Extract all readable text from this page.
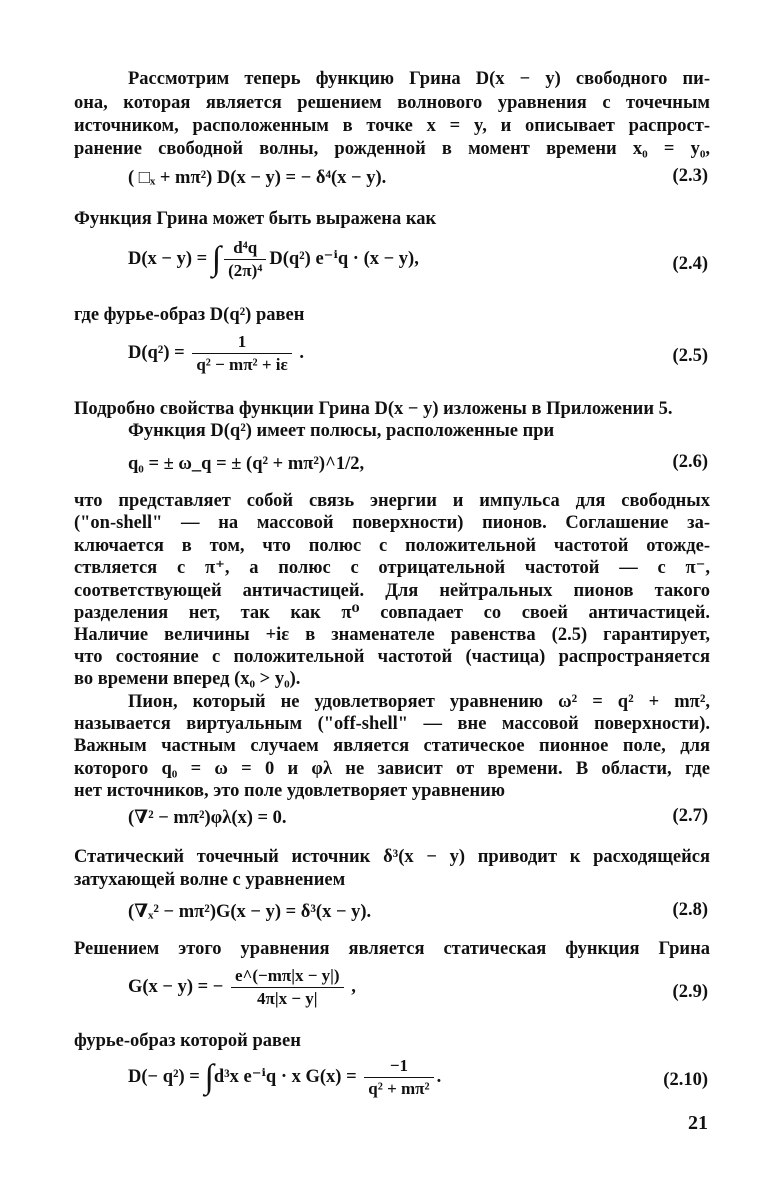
Рассмотрим теперь функцию Грина D(x − y) свободного пи-
она, которая является решением волнового уравнения с точечным
источником, расположенным в точке x = y, и описывает распрост-
ранение свободной волны, рожденной в момент времени x₀ = y₀,
( □ₓ + mπ²) D(x − y) = − δ⁴(x − y).	(2.3)
Функция Грина может быть выражена как
D(x − y) = ∫ $\frac{\text{d⁴q}}{\text{(2π)⁴}} D(q^2) e^{-i}q \cdot (x - y)$,	(2.4)
где фурье-образ D(q²) равен
$D(q^2) = \frac{1}{\text{q² − mπ² + iε}}$ .	(2.5)
Подробно свойства функции Грина D(x − y) изложены в Приложении 5.
Функция D(q²) имеет полюсы, расположенные при
q₀ = ± ω_q = ± (q² + mπ²)^1/2,	(2.6)
что представляет собой связь энергии и импульса для свободных
("on-shell" — на массовой поверхности) пионов. Соглашение за-
ключается в том, что полюс с положительной частотой отожде-
ствляется с π⁺, а полюс с отрицательной частотой — с π⁻,
соответствующей античастицей. Для нейтральных пионов такого
разделения нет, так как π⁰ совпадает со своей античастицей.
Наличие величины +iε в знаменателе равенства (2.5) гарантирует,
что состояние с положительной частотой (частица) распространяется
во времени вперед (x₀ > y₀).
Пион, который не удовлетворяет уравнению ω² = q² + mπ²,
называется виртуальным ("off-shell" — вне массовой поверхности).
Важным частным случаем является статическое пионное поле, для
которого q₀ = ω = 0 и φλ не зависит от времени. В области, где
нет источников, это поле удовлетворяет уравнению
(∇² − mπ²)φλ(x) = 0.	(2.7)
Статический точечный источник δ³(x − y) приводит к расходящейся
затухающей волне с уравнением
(∇ₓ² − mπ²)G(x − y) = δ³(x − y).	(2.8)
Решением этого уравнения является статическая функция Грина
G(x − y) = − $\frac{e\^{}(-m\pi|x - y|)}{4\pi|x - y|}$ ,	(2.9)
фурье-образ которой равен
D(− q²) = ∫d³x e⁻ⁱq · x $G(x) = \frac{-1}{\text{q² + mπ²}}$ .	(2.10)
21
